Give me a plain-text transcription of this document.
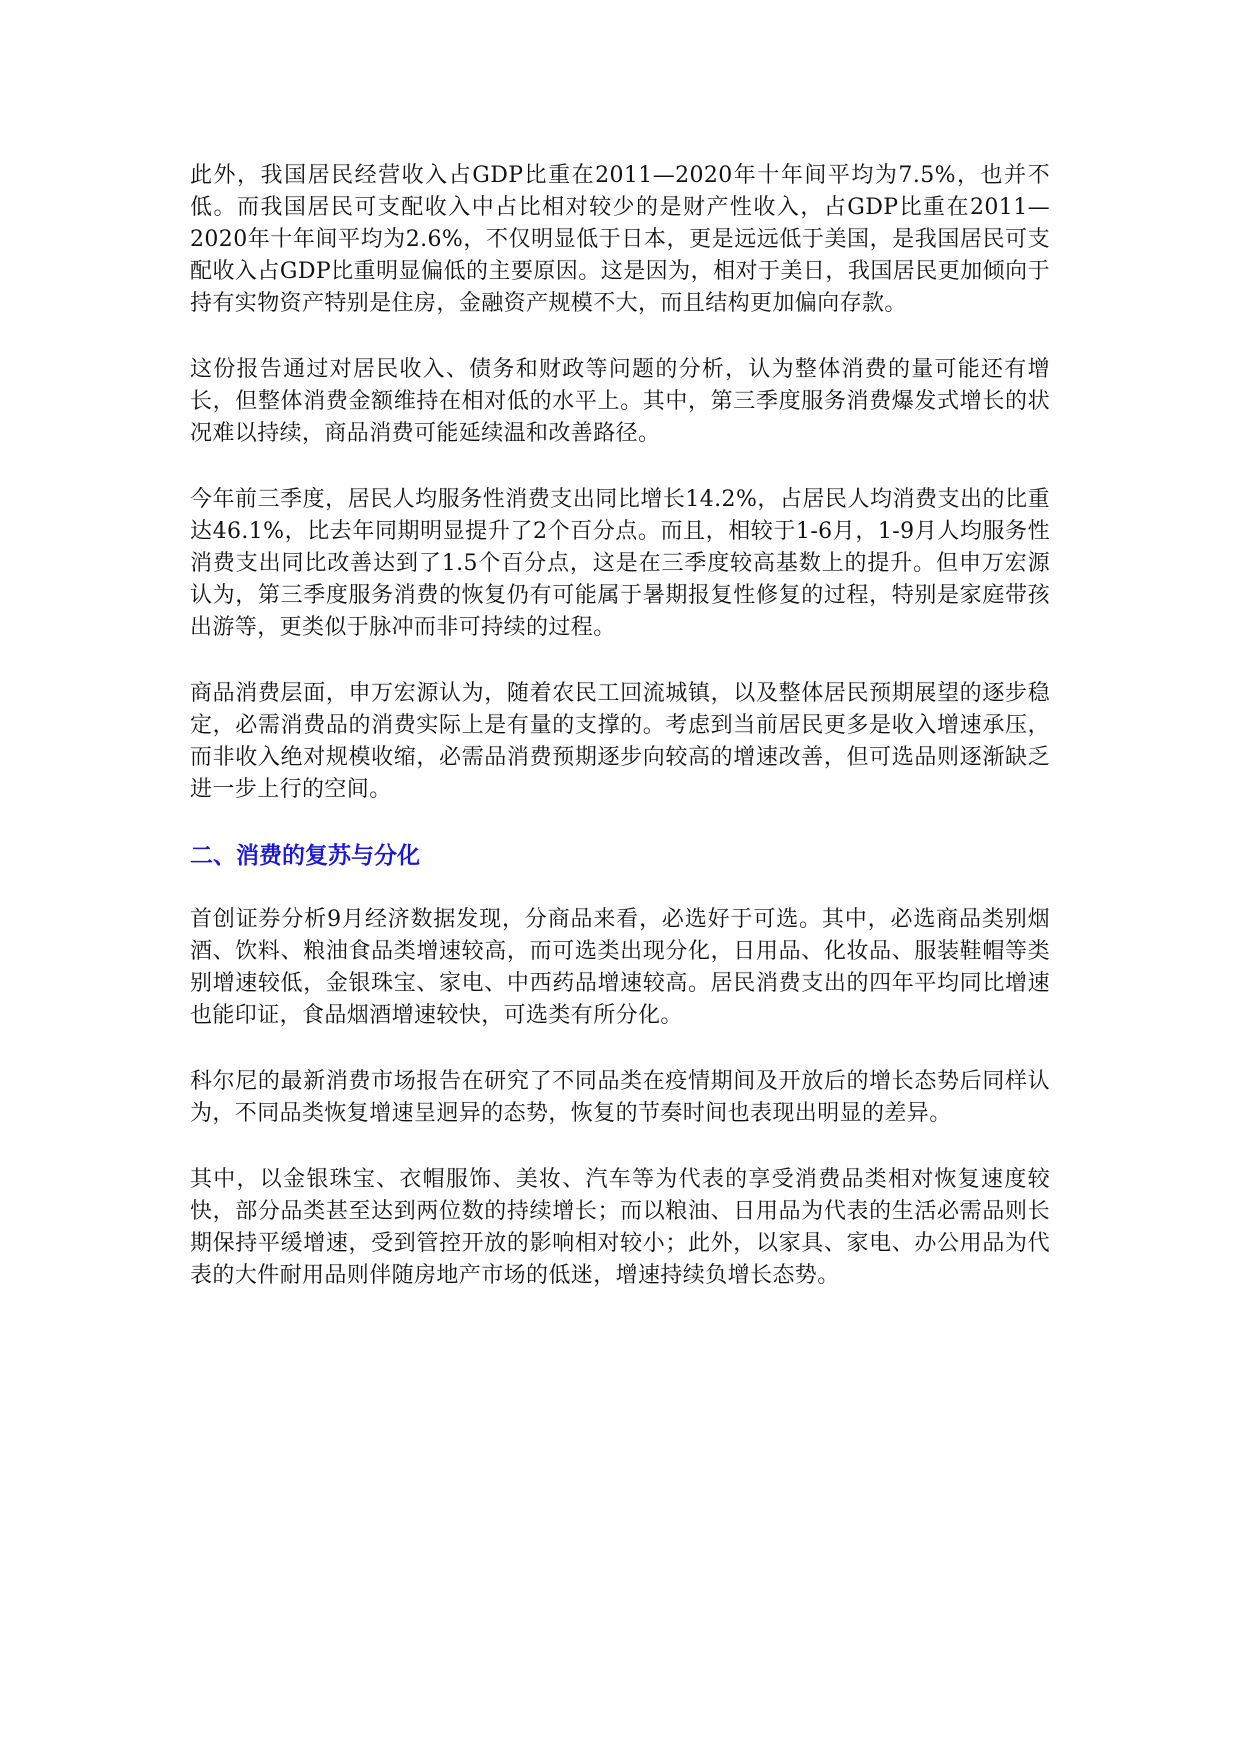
此外，我国居民经营收入占GDP比重在2011—2020年十年间平均为7.5%，也并不低。而我国居民可支配收入中占比相对较少的是财产性收入，占GDP比重在2011—2020年十年间平均为2.6%，不仅明显低于日本，更是远远低于美国，是我国居民可支配收入占GDP比重明显偏低的主要原因。这是因为，相对于美日，我国居民更加倾向于持有实物资产特别是住房，金融资产规模不大，而且结构更加偏向存款。

这份报告通过对居民收入、债务和财政等问题的分析，认为整体消费的量可能还有增长，但整体消费金额维持在相对低的水平上。其中，第三季度服务消费爆发式增长的状况难以持续，商品消费可能延续温和改善路径。

今年前三季度，居民人均服务性消费支出同比增长14.2%，占居民人均消费支出的比重达46.1%，比去年同期明显提升了2个百分点。而且，相较于1-6月，1-9月人均服务性消费支出同比改善达到了1.5个百分点，这是在三季度较高基数上的提升。但申万宏源认为，第三季度服务消费的恢复仍有可能属于暑期报复性修复的过程，特别是家庭带孩出游等，更类似于脉冲而非可持续的过程。

商品消费层面，申万宏源认为，随着农民工回流城镇，以及整体居民预期展望的逐步稳定，必需消费品的消费实际上是有量的支撑的。考虑到当前居民更多是收入增速承压，而非收入绝对规模收缩，必需品消费预期逐步向较高的增速改善，但可选品则逐渐缺乏进一步上行的空间。

二、消费的复苏与分化

首创证券分析9月经济数据发现，分商品来看，必选好于可选。其中，必选商品类别烟酒、饮料、粮油食品类增速较高，而可选类出现分化，日用品、化妆品、服装鞋帽等类别增速较低，金银珠宝、家电、中西药品增速较高。居民消费支出的四年平均同比增速也能印证，食品烟酒增速较快，可选类有所分化。

科尔尼的最新消费市场报告在研究了不同品类在疫情期间及开放后的增长态势后同样认为，不同品类恢复增速呈迥异的态势，恢复的节奏时间也表现出明显的差异。

其中，以金银珠宝、衣帽服饰、美妆、汽车等为代表的享受消费品类相对恢复速度较快，部分品类甚至达到两位数的持续增长；而以粮油、日用品为代表的生活必需品则长期保持平缓增速，受到管控开放的影响相对较小；此外，以家具、家电、办公用品为代表的大件耐用品则伴随房地产市场的低迷，增速持续负增长态势。
